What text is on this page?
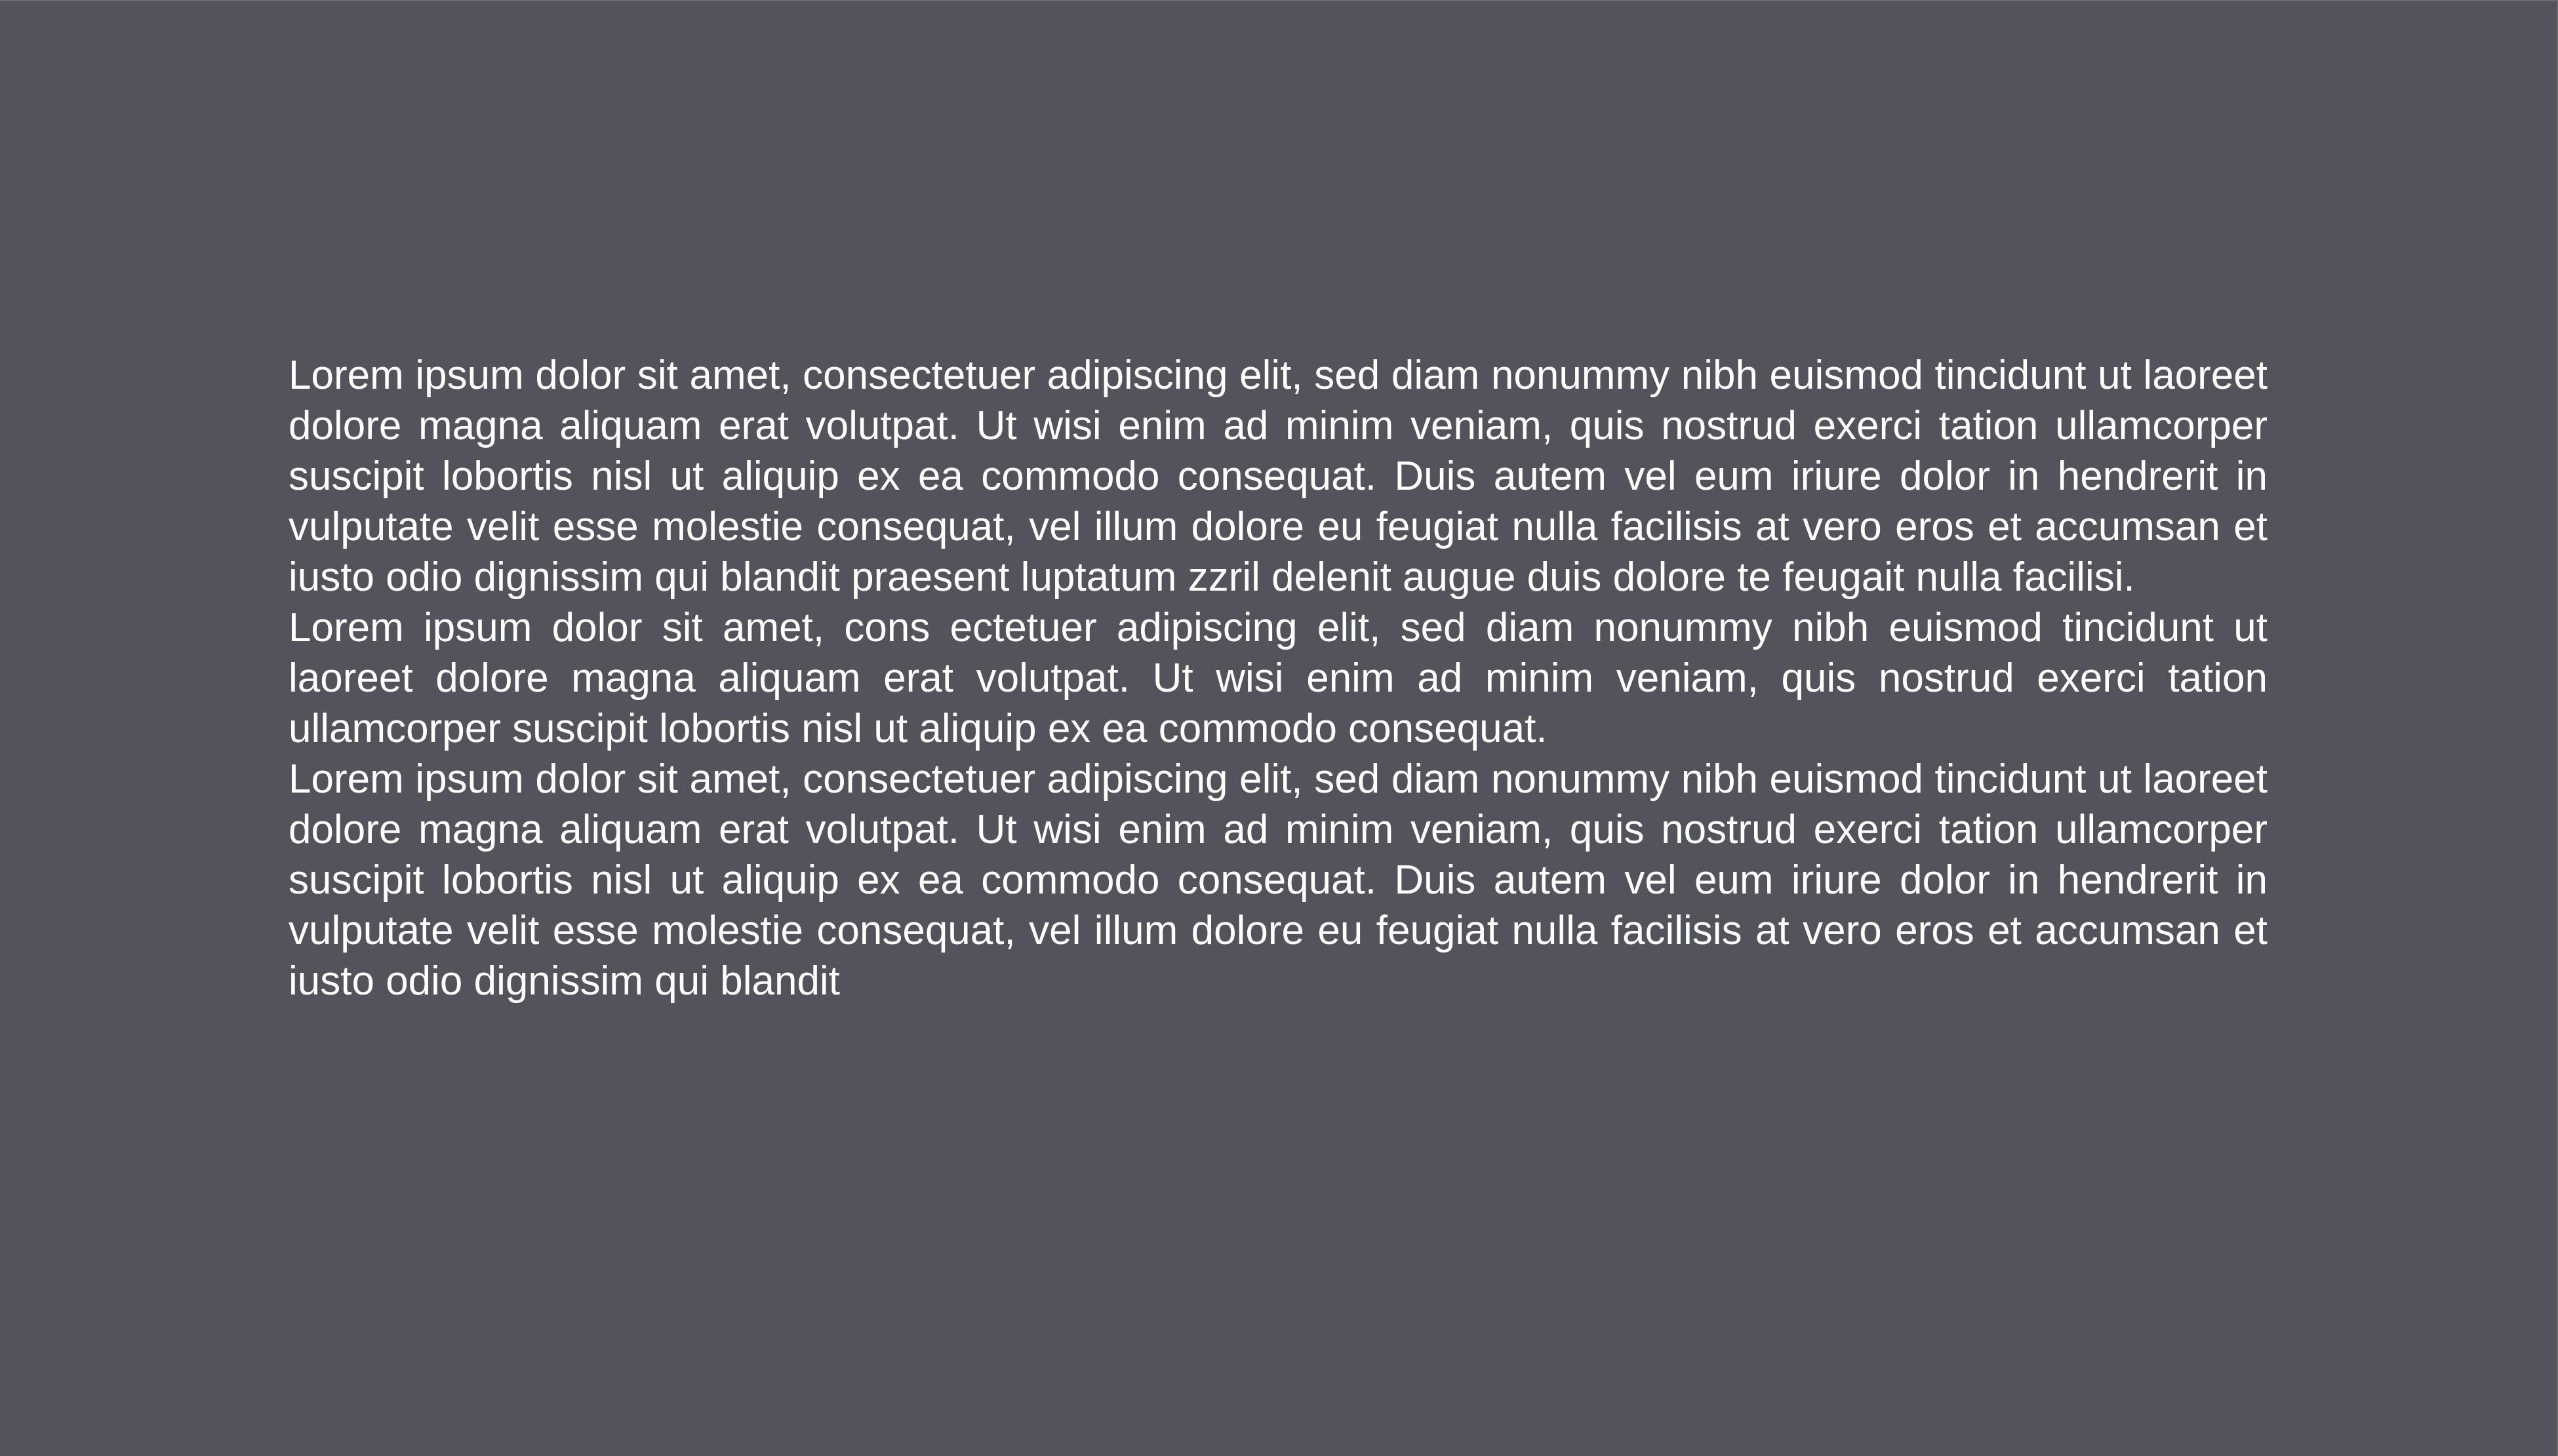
Lorem ipsum dolor sit amet, consectetuer adipiscing elit, sed diam nonummy nibh euismod tincidunt ut laoreet dolore magna aliquam erat volutpat. Ut wisi enim ad minim veniam, quis nostrud exerci tation ullamcorper suscipit lobortis nisl ut aliquip ex ea commodo consequat. Duis autem vel eum iriure dolor in hendrerit in vulputate velit esse molestie consequat, vel illum dolore eu feugiat nulla facilisis at vero eros et accumsan et iusto odio dignissim qui blandit praesent luptatum zzril delenit augue duis dolore te feugait nulla facilisi.

Lorem ipsum dolor sit amet, cons ectetuer adipiscing elit, sed diam nonummy nibh euismod tincidunt ut laoreet dolore magna aliquam erat volutpat. Ut wisi enim ad minim veniam, quis nostrud exerci tation ullamcorper suscipit lobortis nisl ut aliquip ex ea commodo consequat.

Lorem ipsum dolor sit amet, consectetuer adipiscing elit, sed diam nonummy nibh euismod tincidunt ut laoreet dolore magna aliquam erat volutpat. Ut wisi enim ad minim veniam, quis nostrud exerci tation ullamcorper suscipit lobortis nisl ut aliquip ex ea commodo consequat. Duis autem vel eum iriure dolor in hendrerit in vulputate velit esse molestie consequat, vel illum dolore eu feugiat nulla facilisis at vero eros et accumsan et iusto odio dignissim qui blandit
